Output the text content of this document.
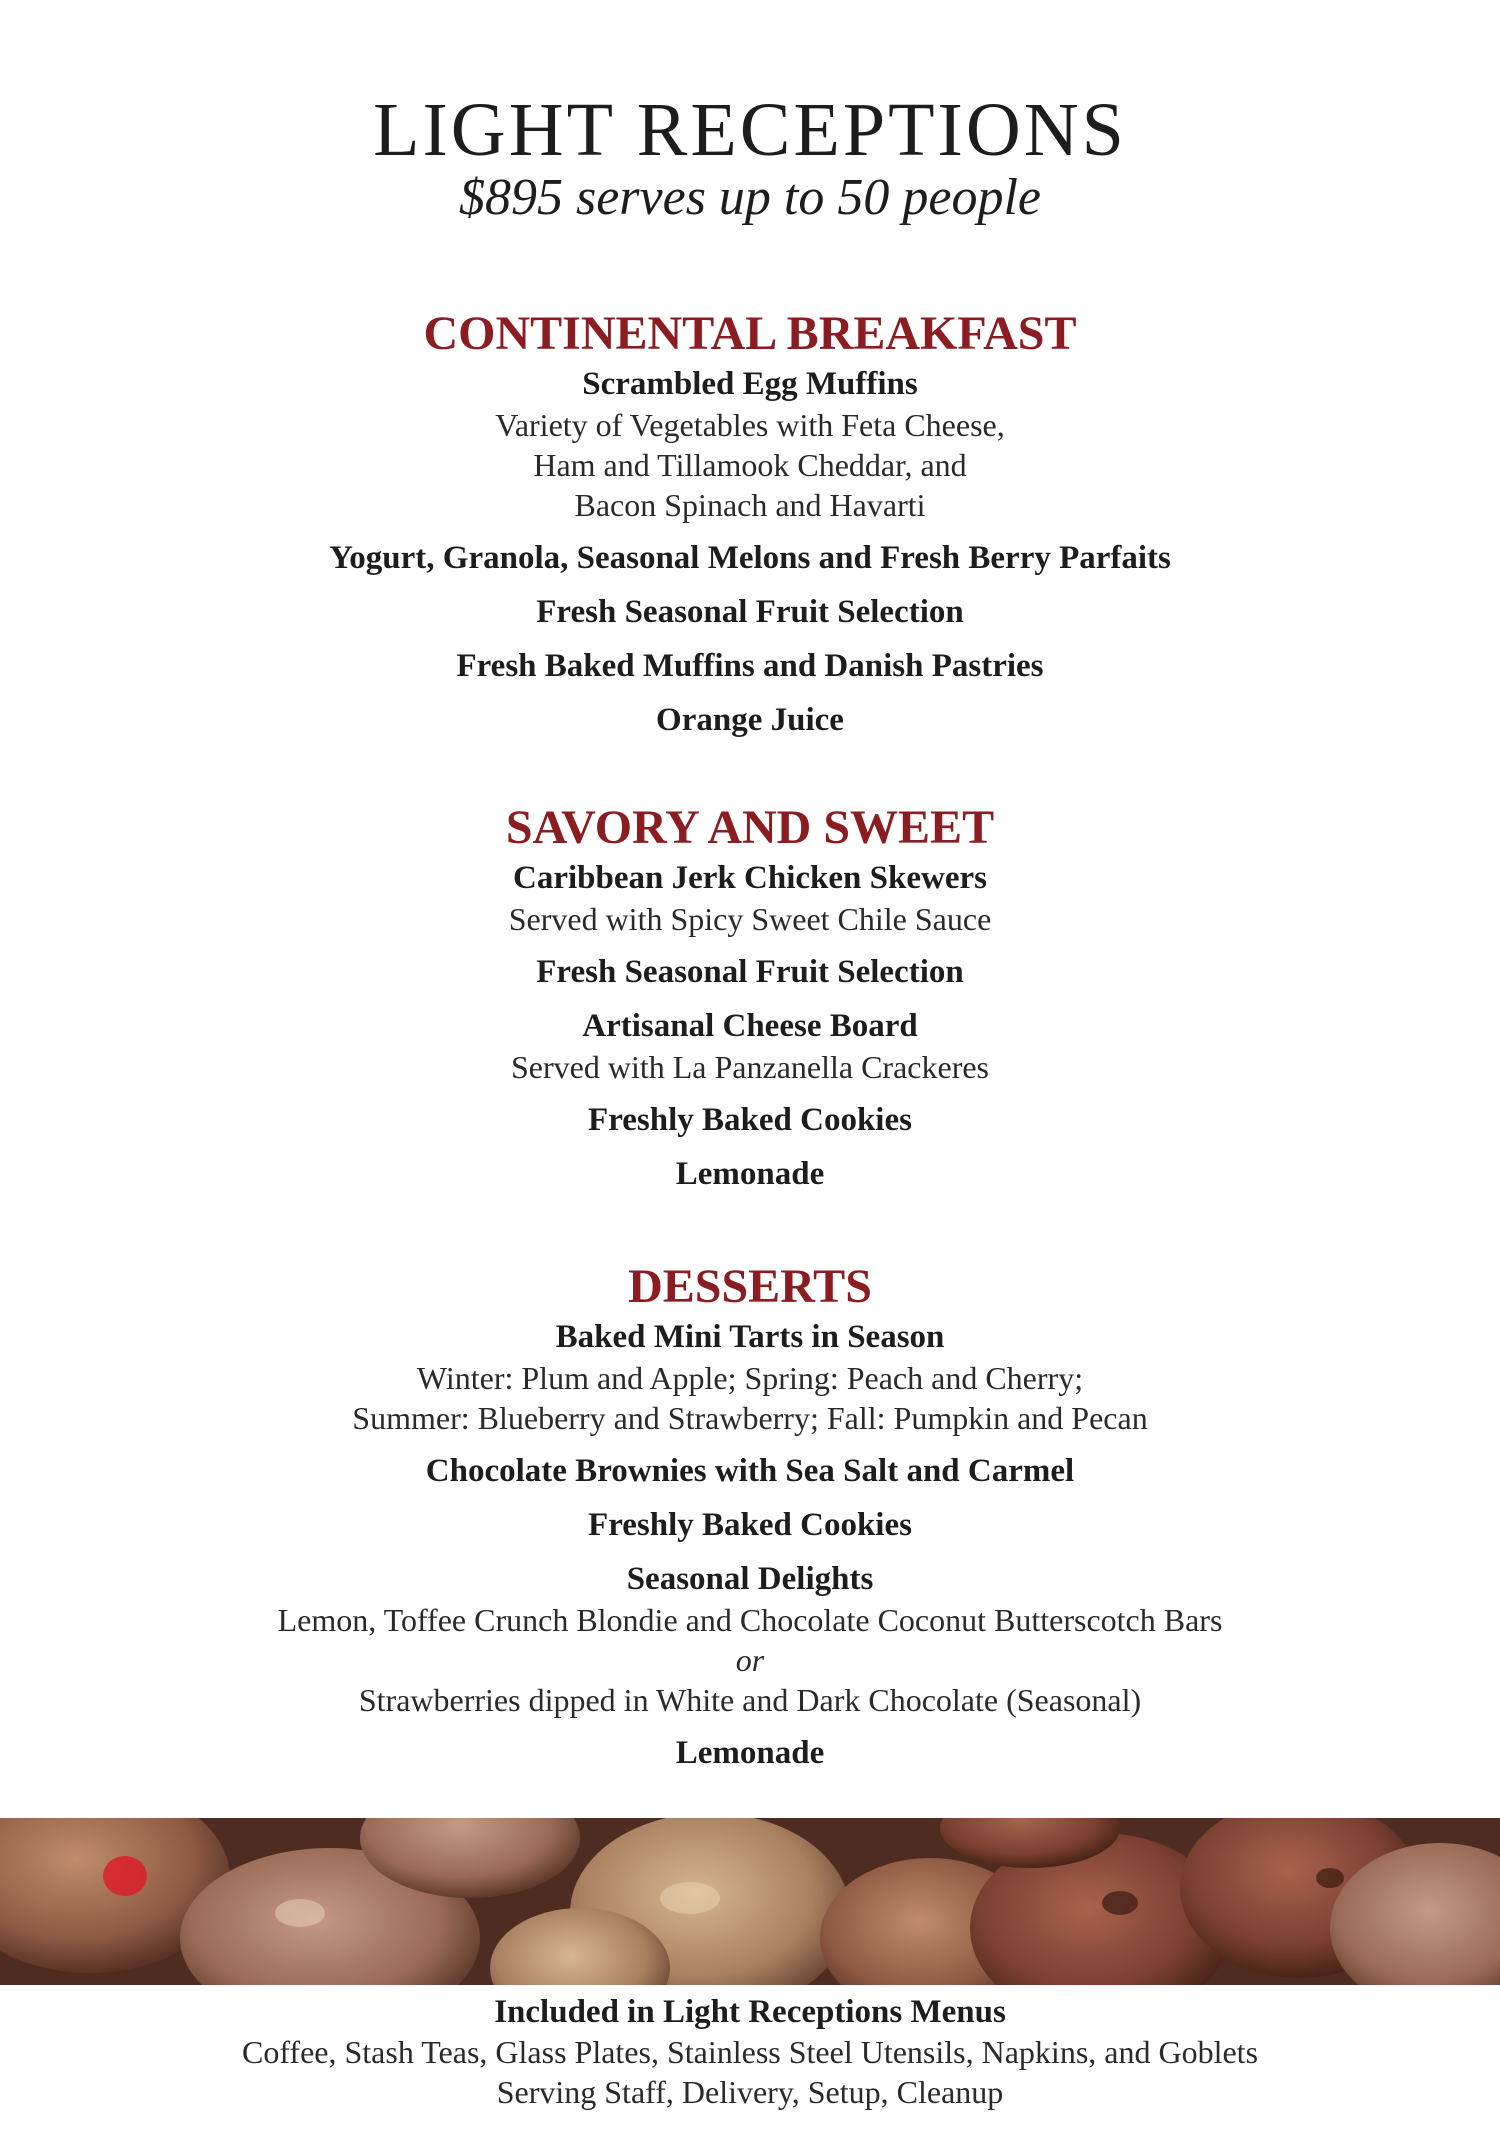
LIGHT RECEPTIONS
$895 serves up to 50 people
CONTINENTAL BREAKFAST
Scrambled Egg Muffins
Variety of Vegetables with Feta Cheese,
Ham and Tillamook Cheddar, and
Bacon Spinach and Havarti
Yogurt, Granola, Seasonal Melons and Fresh Berry Parfaits
Fresh Seasonal Fruit Selection
Fresh Baked Muffins and Danish Pastries
Orange Juice
SAVORY AND SWEET
Caribbean Jerk Chicken Skewers
Served with Spicy Sweet Chile Sauce
Fresh Seasonal Fruit Selection
Artisanal Cheese Board
Served with La Panzanella Crackeres
Freshly Baked Cookies
Lemonade
DESSERTS
Baked Mini Tarts in Season
Winter: Plum and Apple; Spring: Peach and Cherry;
Summer: Blueberry and Strawberry; Fall: Pumpkin and Pecan
Chocolate Brownies with Sea Salt and Carmel
Freshly Baked Cookies
Seasonal Delights
Lemon, Toffee Crunch Blondie and Chocolate Coconut Butterscotch Bars
or
Strawberries dipped in White and Dark Chocolate (Seasonal)
Lemonade
Included in Light Receptions Menus
Coffee, Stash Teas, Glass Plates, Stainless Steel Utensils, Napkins, and Goblets
Serving Staff, Delivery, Setup, Cleanup
